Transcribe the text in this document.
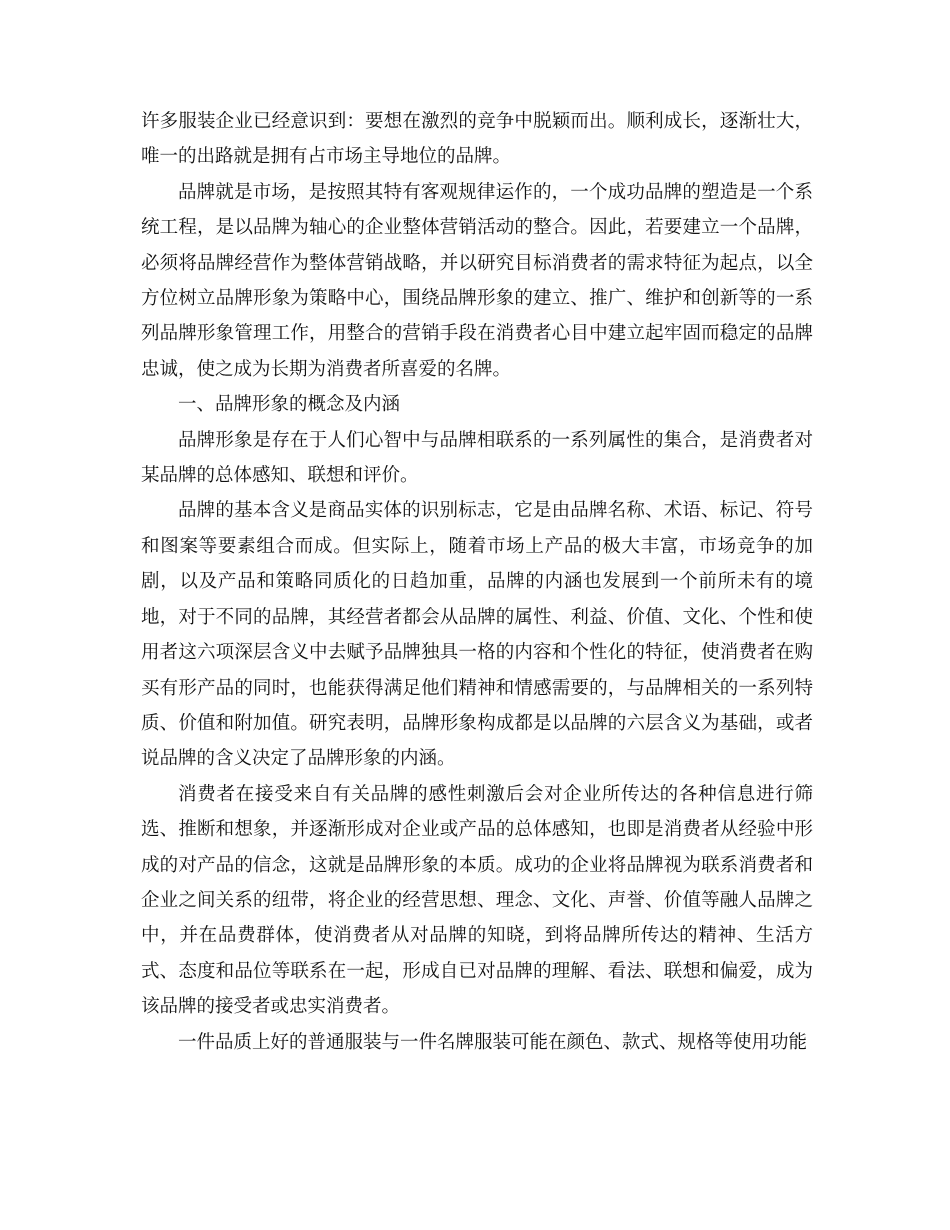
许多服装企业已经意识到：要想在激烈的竞争中脱颖而出。顺利成长，逐渐壮大，唯一的出路就是拥有占市场主导地位的品牌。

品牌就是市场，是按照其特有客观规律运作的，一个成功品牌的塑造是一个系统工程，是以品牌为轴心的企业整体营销活动的整合。因此，若要建立一个品牌，必须将品牌经营作为整体营销战略，并以研究目标消费者的需求特征为起点，以全方位树立品牌形象为策略中心，围绕品牌形象的建立、推广、维护和创新等的一系列品牌形象管理工作，用整合的营销手段在消费者心目中建立起牢固而稳定的品牌忠诚，使之成为长期为消费者所喜爱的名牌。

一、品牌形象的概念及内涵

品牌形象是存在于人们心智中与品牌相联系的一系列属性的集合，是消费者对某品牌的总体感知、联想和评价。

品牌的基本含义是商品实体的识别标志，它是由品牌名称、术语、标记、符号和图案等要素组合而成。但实际上，随着市场上产品的极大丰富，市场竞争的加剧，以及产品和策略同质化的日趋加重，品牌的内涵也发展到一个前所未有的境地，对于不同的品牌，其经营者都会从品牌的属性、利益、价值、文化、个性和使用者这六项深层含义中去赋予品牌独具一格的内容和个性化的特征，使消费者在购买有形产品的同时，也能获得满足他们精神和情感需要的，与品牌相关的一系列特质、价值和附加值。研究表明，品牌形象构成都是以品牌的六层含义为基础，或者说品牌的含义决定了品牌形象的内涵。

消费者在接受来自有关品牌的感性刺激后会对企业所传达的各种信息进行筛选、推断和想象，并逐渐形成对企业或产品的总体感知，也即是消费者从经验中形成的对产品的信念，这就是品牌形象的本质。成功的企业将品牌视为联系消费者和企业之间关系的纽带，将企业的经营思想、理念、文化、声誉、价值等融人品牌之中，并在品费群体，使消费者从对品牌的知晓，到将品牌所传达的精神、生活方式、态度和品位等联系在一起，形成自已对品牌的理解、看法、联想和偏爱，成为该品牌的接受者或忠实消费者。

一件品质上好的普通服装与一件名牌服装可能在颜色、款式、规格等使用功能
